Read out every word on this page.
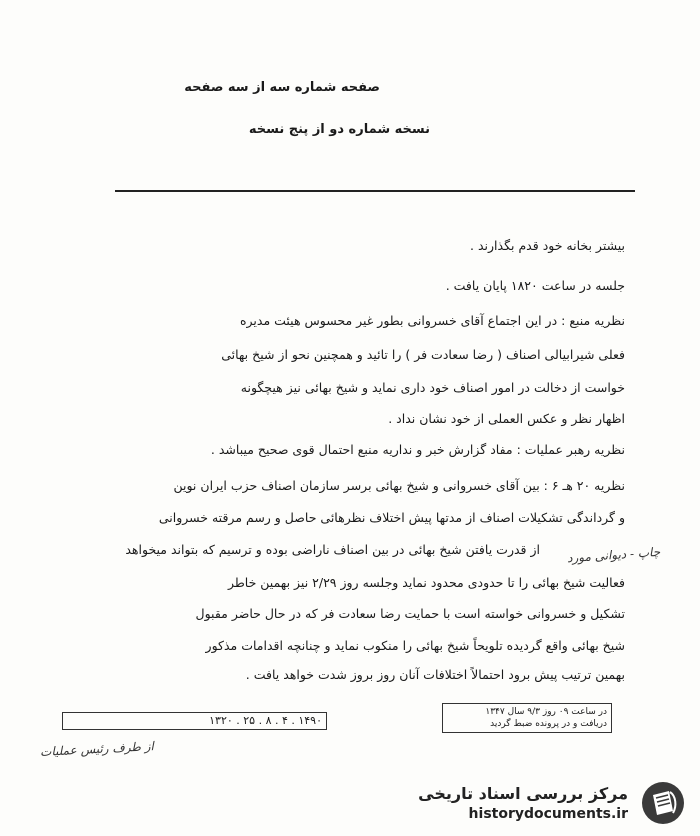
صفحه شماره سه از سه صفحه
نسخه شماره دو از پنج نسخه
بیشتر بخانه خود قدم بگذارند .
جلسه در ساعت ۱۸۲۰ پایان یافت .
نظریه منبع : در این اجتماع آقای خسروانی بطور غیر محسوس هیئت مدیره
فعلی شیرابیالی اصناف ( رضا سعادت فر ) را تائید و همچنین نحو از شیخ بهائی
خواست از دخالت در امور اصناف خود داری نماید و شیخ بهائی نیز هیچگونه
اظهار نظر و عکس العملی از خود نشان نداد .
نظریه رهبر عملیات : مفاد گزارش خبر و نداریه منبع احتمال قوی صحیح میباشد .
نظریه ۲۰ هـ ۶ : بین آقای خسروانی و شیخ بهائی برسر سازمان اصناف حزب ایران نوین
و گرداندگی تشکیلات اصناف از مدتها پیش اختلاف نظرهائی حاصل و رسم مرقته خسروانی
از قدرت یافتن شیخ بهائی در بین اصناف ناراضی بوده و ترسیم که بتواند میخواهد
فعالیت شیخ بهائی را تا حدودی محدود نماید وجلسه روز ۲/۲۹ نیز بهمین خاطر
تشکیل و خسروانی خواسته است با حمایت رضا سعادت فر که در حال حاضر مقبول
شیخ بهائی واقع گردیده تلویحاً شیخ بهائی را منکوب نماید و چنانچه اقدامات مذکور
بهمین ترتیب پیش برود احتمالاً اختلافات آنان روز بروز شدت خواهد یافت .
چاپ - دیوانی مورد
در ساعت ۰۹ روز ۹/۳ سال ۱۳۴۷
دریافت و در پرونده ضبط گردید
۱۳۲۰ . ۲۵ . ۸ . ۴ . ۱۴۹۰
از طرف رئیس عملیات
مرکز بررسی اسناد تاریخی
historydocuments.ir
